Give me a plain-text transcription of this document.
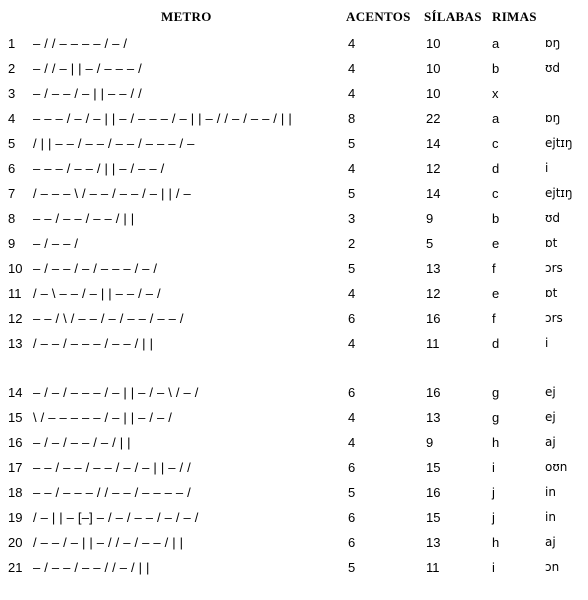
METRO	ACENTOS SÍLABAS RIMAS
1 – / / – – – – / – /	4	10	a	ɒŋ
2 – / / – | | – / – – – /	4	10	b	ʊd
3 – / – – / – | | – – / /	4	10	x
4 – – – / – / – | | – / – – – / – | | – / / – / – – / | |	8	22	a	ɒŋ
5 / | | – – / – – / – – / – – – / –	5	14	c	ejtɪŋ
6 – – – / – – / | | – / – – /	4	12	d	i
7 / – – – \ / – – / – – / – | | / –	5	14	c	ejtɪŋ
8 – – / – – / – – / | |	3	9	b	ʊd
9 – / – – /	2	5	e	ɒt
10 – / – – / – / – – – / – /	5	13	f	ɔrs
11 / – \ – – / – | | – – / – /	4	12	e	ɒt
12 – – / \ / – – / – / – – / – – /	6	16	f	ɔrs
13 / – – / – – – / – – / | |	4	11	d	i
14 – / – / – – – / – | | – / – \ / – /	6	16	g	ej
15 \ / – – – – – / – | | – / – /	4	13	g	ej
16 – / – / – – / – / | |	4	9	h	aj
17 – – / – – / – – / – / – | | – / /	6	15	i	oʊn
18 – – / – – – / / – – / – – – – /	5	16	j	in
19 / – | | – [–] – / – / – – / – / – /	6	15	j	in
20 / – – / – | | – / / – / – – / | |	6	13	h	aj
21 – / – – / – – / / – / | |	5	11	i	ɔn
